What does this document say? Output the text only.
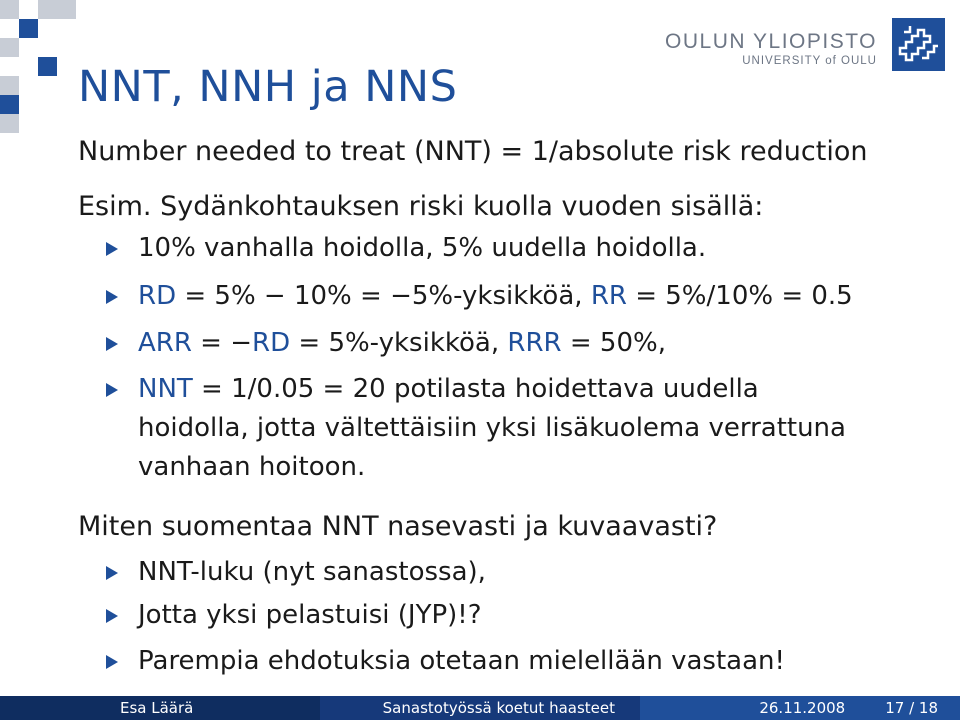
OULUN YLIOPISTO
UNIVERSITY of OULU
NNT, NNH ja NNS
Number needed to treat (NNT) = 1/absolute risk reduction
Esim. Sydänkohtauksen riski kuolla vuoden sisällä:
10% vanhalla hoidolla, 5% uudella hoidolla.
RD = 5% − 10% = −5%-yksikköä, RR = 5%/10% = 0.5
ARR = −RD = 5%-yksikköä, RRR = 50%,
NNT = 1/0.05 = 20 potilasta hoidettava uudella
hoidolla, jotta vältettäisiin yksi lisäkuolema verrattuna
vanhaan hoitoon.
Miten suomentaa NNT nasevasti ja kuvaavasti?
NNT-luku (nyt sanastossa),
Jotta yksi pelastuisi (JYP)!?
Parempia ehdotuksia otetaan mielellään vastaan!
Esa Läärä	Sanastotyössä koetut haasteet	26.11.2008	17 / 18
